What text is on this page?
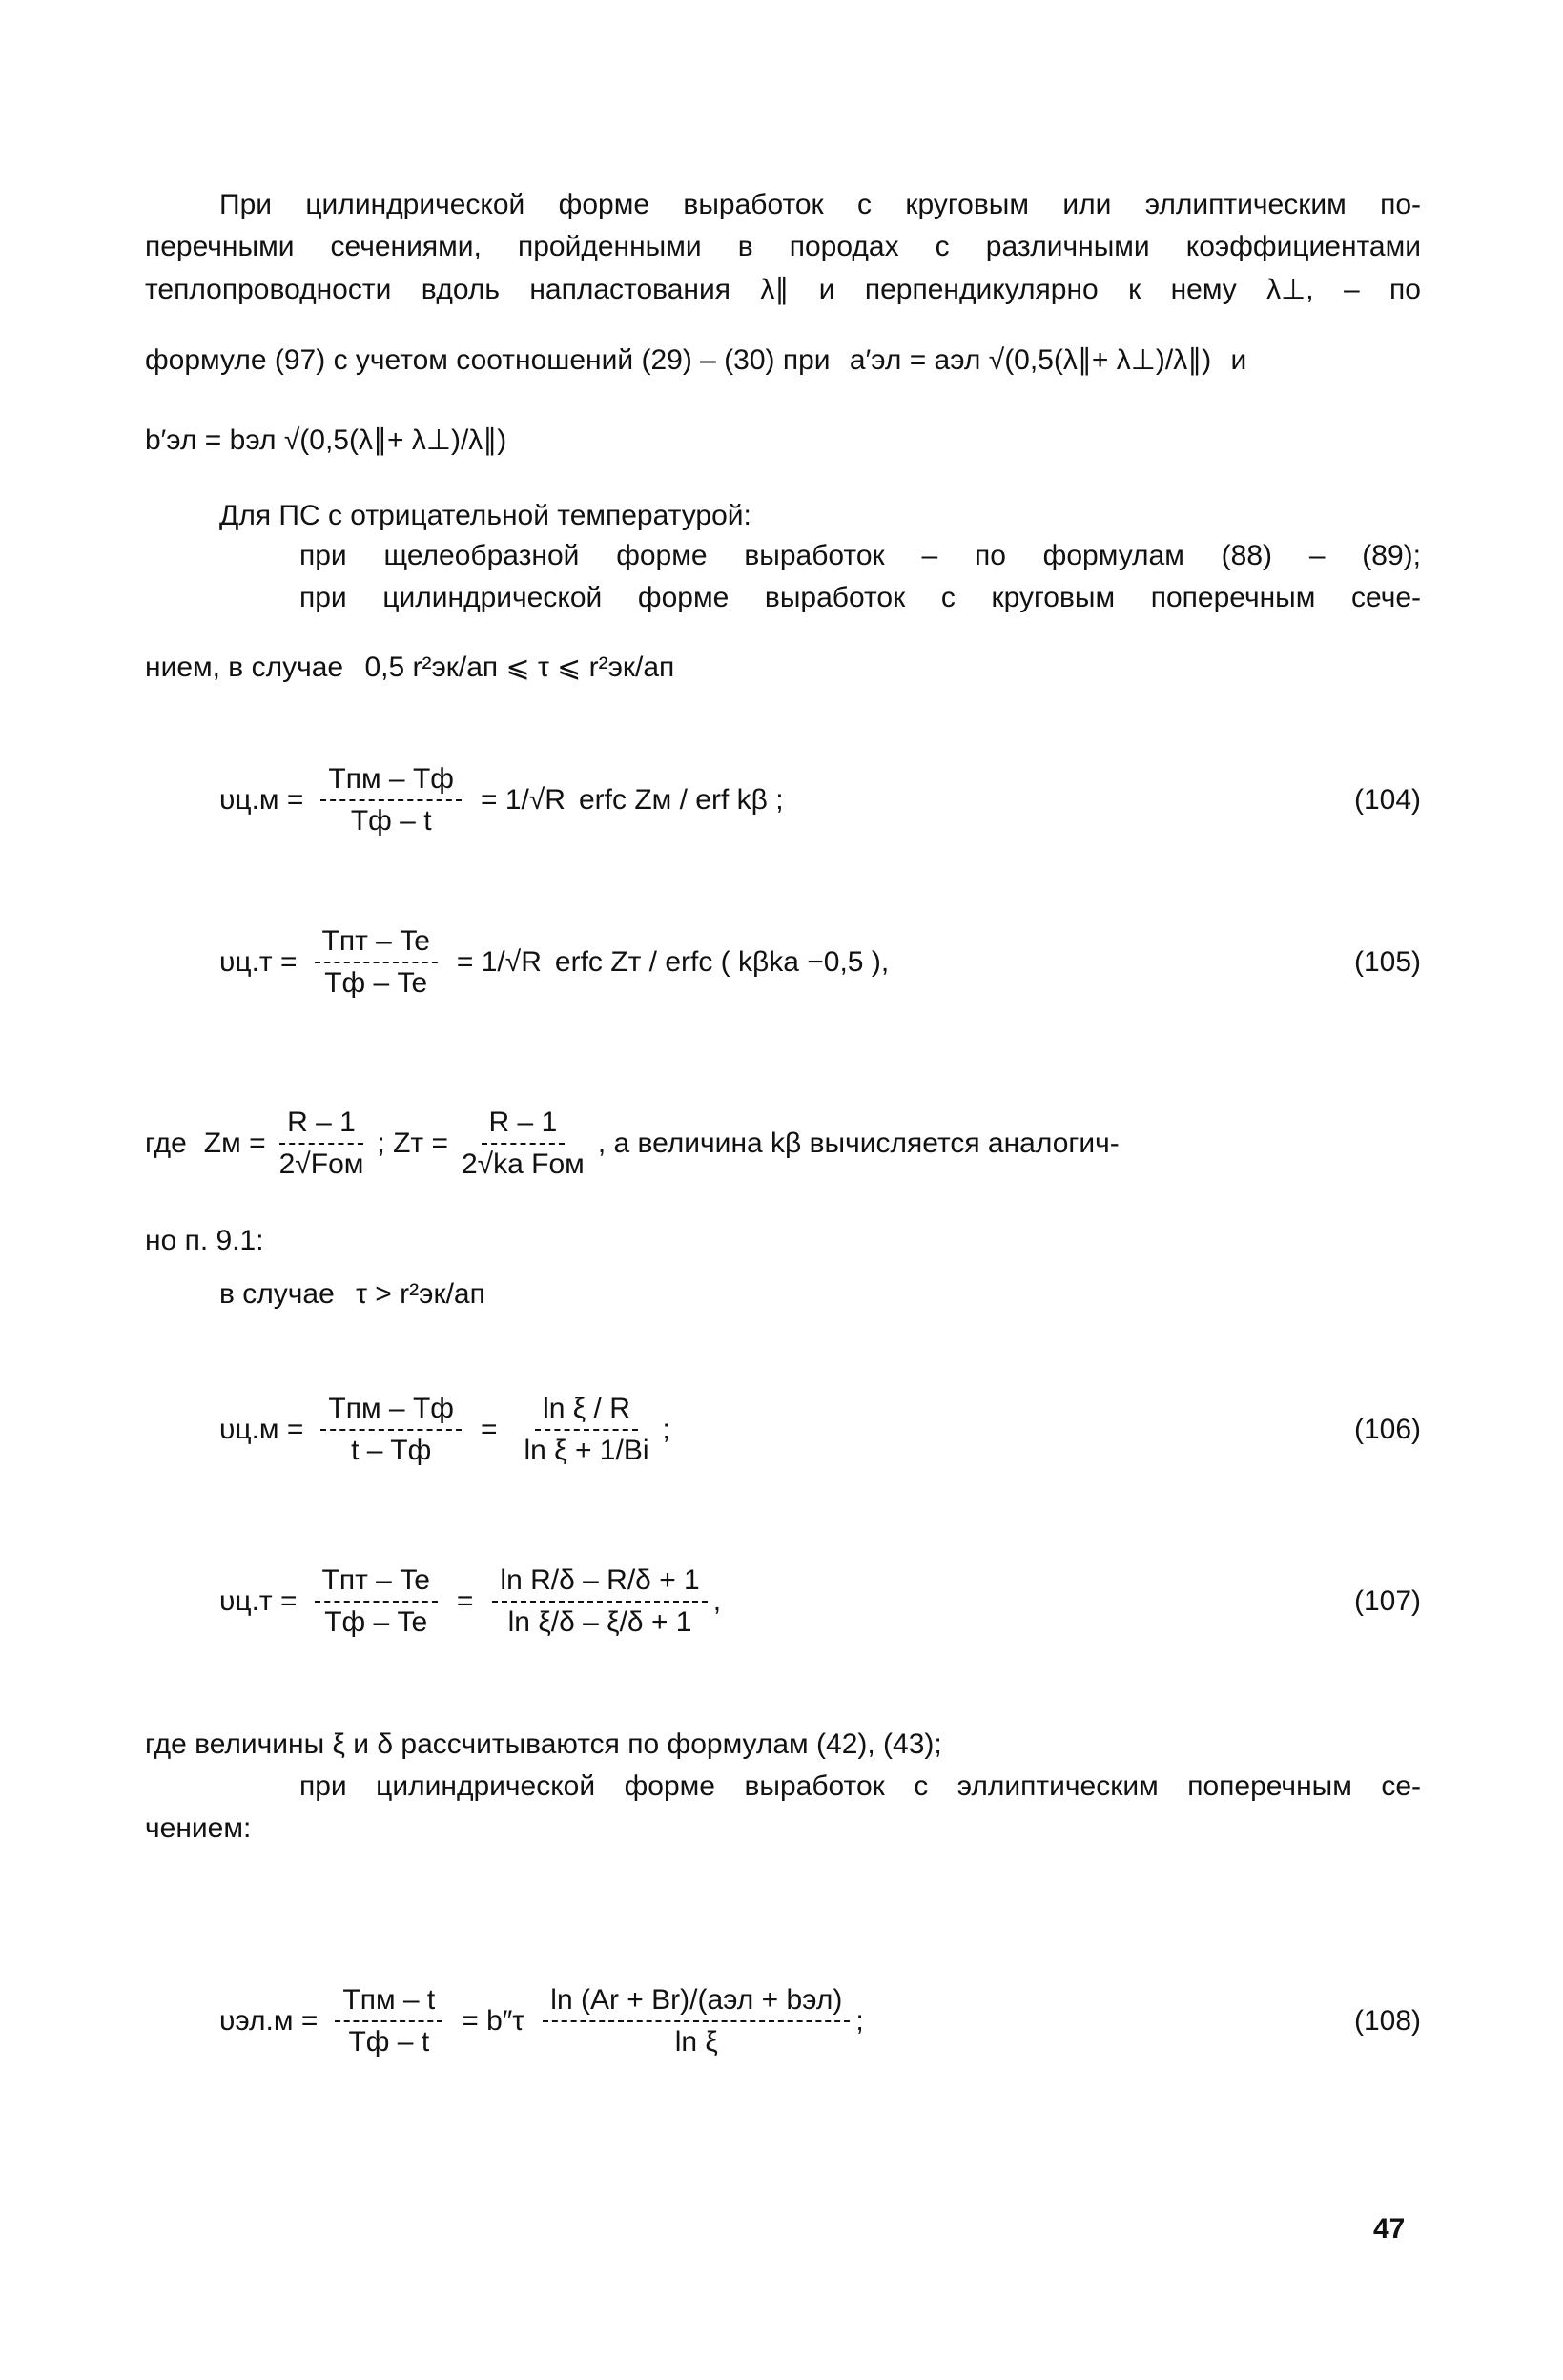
При цилиндрической форме выработок с круговым или эллиптическим по-
перечными сечениями, пройденными в породах с различными коэффициентами
теплопроводности вдоль напластования λ∥ и перпендикулярно к нему λ⊥, – по
формуле (97) с учетом соотношений (29) – (30) при a′эл = aэл √(0,5(λ∥+ λ⊥)/λ∥) и
b′эл = bэл √(0,5(λ∥+ λ⊥)/λ∥)
Для ПС с отрицательной температурой:
при щелеобразной форме выработок – по формулам (88) – (89);
при цилиндрической форме выработок с круговым поперечным сече-
нием, в случае 0,5 r²эк/aп ⩽ τ ⩽ r²эк/aп
$\upsilon ц.м = \frac{\text{Tпм – Tф}}{Tф - t} = 1/√R$ erfc Zм / erf kβ ;	(104)
$\upsilon ц.т = \frac{\text{Tпт – Te}}{Tф - Te} = 1/√R$ erfc Zт / erfc ( kβkа −0,5 ),	(105)
где Zм = $\frac{R - 1}{\text{2√Foм}}$ ; Zт = $\frac{R - 1}{\text{2√kа Foм}}$ , а величина kβ вычисляется аналогич-
но п. 9.1:
в случае τ > r²эк/aп
$\upsilon ц.м = \frac{\text{Tпм – Tф}}{t - Tф} = \frac{\text{ln ξ / R}}{\text{ln ξ + 1/Bi}}$ ;	(106)
$\upsilon ц.т = \frac{\text{Tпт – Te}}{Tф - Te} = \frac{\text{ln R/δ – R/δ + 1}}{\text{ln ξ/δ – ξ/δ + 1}}$ ,	(107)
где величины ξ и δ рассчитываются по формулам (42), (43);
при цилиндрической форме выработок с эллиптическим поперечным се-
чением:
$\upsilon эл.м = \frac{\text{Tпм – t}}{Tф - t} = b''\tau \frac{\text{ln (Ar + Br)/(aэл + bэл)}}{\text{ln ξ}}$ ;	(108)
47
